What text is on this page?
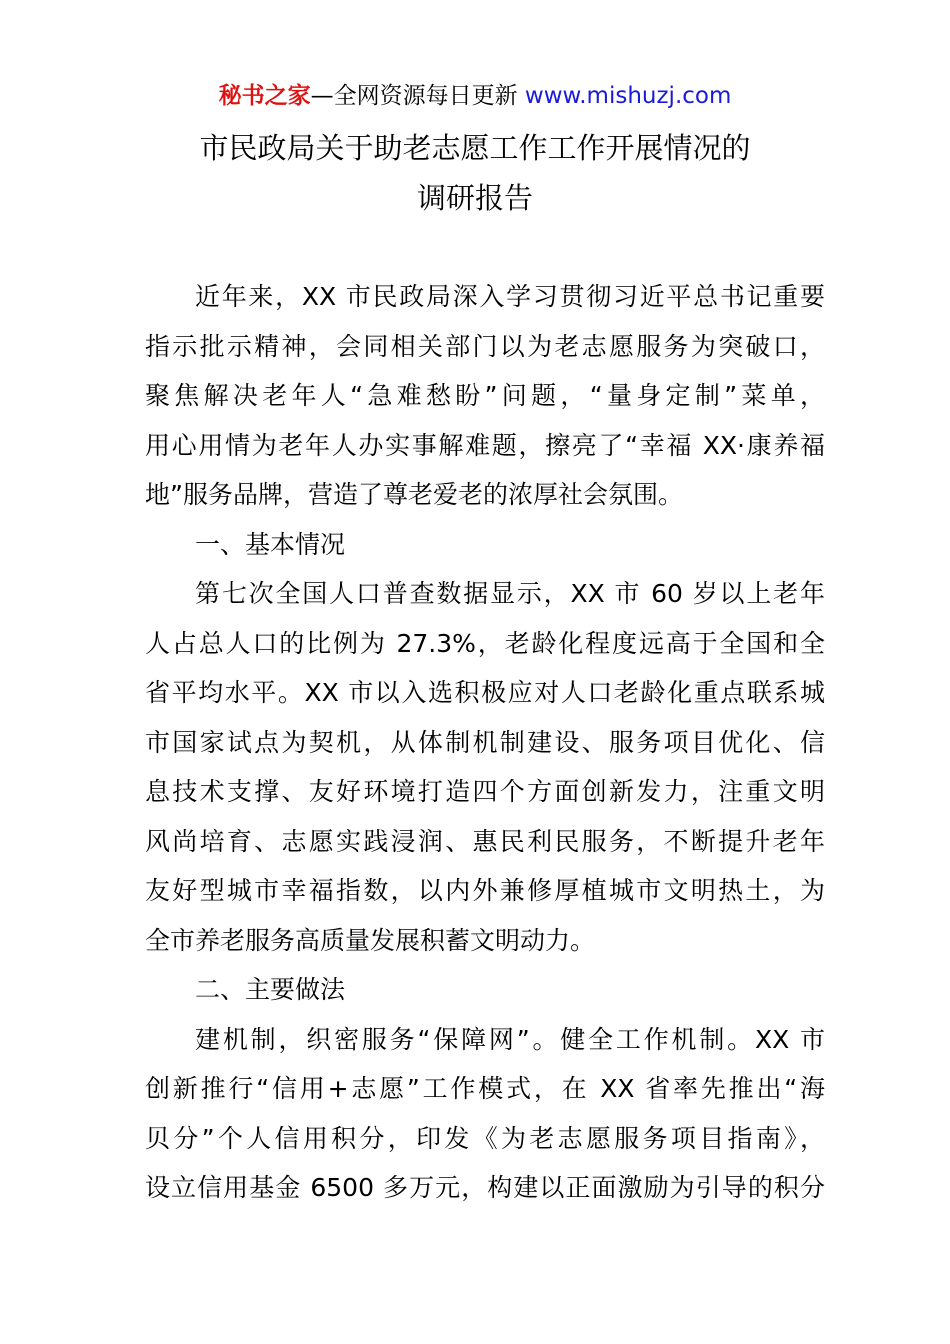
秘书之家—全网资源每日更新 www.mishuzj.com
市民政局关于助老志愿工作工作开展情况的
调研报告
近年来，XX 市民政局深入学习贯彻习近平总书记重要
指示批示精神，会同相关部门以为老志愿服务为突破口，
聚焦解决老年人“急难愁盼”问题，“量身定制”菜单，
用心用情为老年人办实事解难题，擦亮了“幸福 XX·康养福
地”服务品牌，营造了尊老爱老的浓厚社会氛围。
一、基本情况
第七次全国人口普查数据显示，XX 市 60 岁以上老年
人占总人口的比例为 27.3%，老龄化程度远高于全国和全
省平均水平。XX 市以入选积极应对人口老龄化重点联系城
市国家试点为契机，从体制机制建设、服务项目优化、信
息技术支撑、友好环境打造四个方面创新发力，注重文明
风尚培育、志愿实践浸润、惠民利民服务，不断提升老年
友好型城市幸福指数，以内外兼修厚植城市文明热土，为
全市养老服务高质量发展积蓄文明动力。
二、主要做法
建机制，织密服务“保障网”。健全工作机制。XX 市
创新推行“信用+志愿”工作模式，在 XX 省率先推出“海
贝分”个人信用积分，印发《为老志愿服务项目指南》，
设立信用基金 6500 多万元，构建以正面激励为引导的积分
